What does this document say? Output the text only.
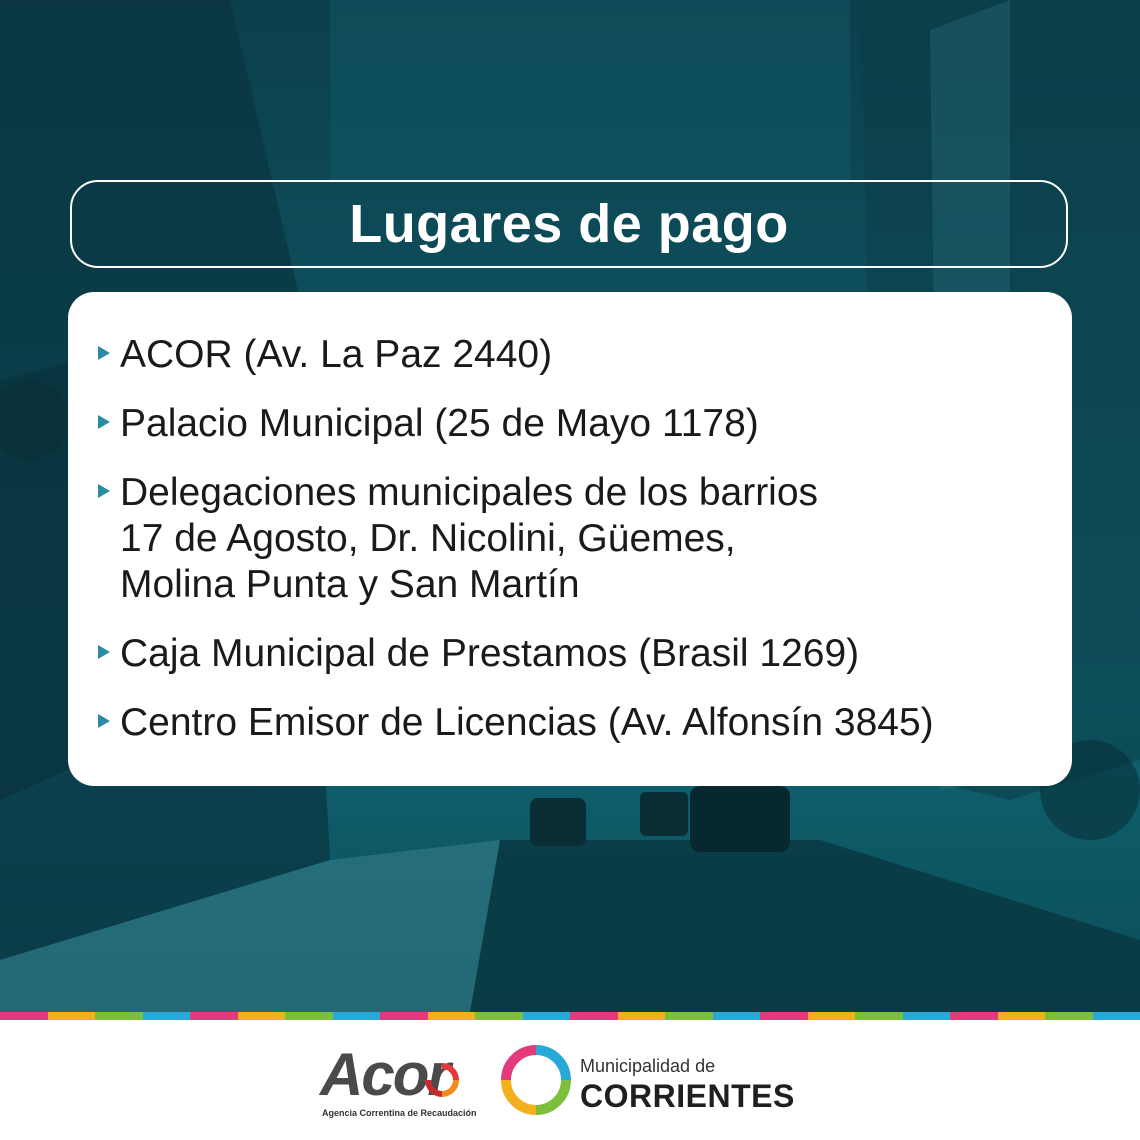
Lugares de pago
ACOR (Av. La Paz 2440)
Palacio Municipal (25 de Mayo 1178)
Delegaciones municipales de los barrios
17 de Agosto, Dr. Nicolini, Güemes,
Molina Punta y San Martín
Caja Municipal de Prestamos (Brasil 1269)
Centro Emisor de Licencias (Av. Alfonsín 3845)
Acor
Agencia Correntina de Recaudación
Municipalidad de
CORRIENTES
